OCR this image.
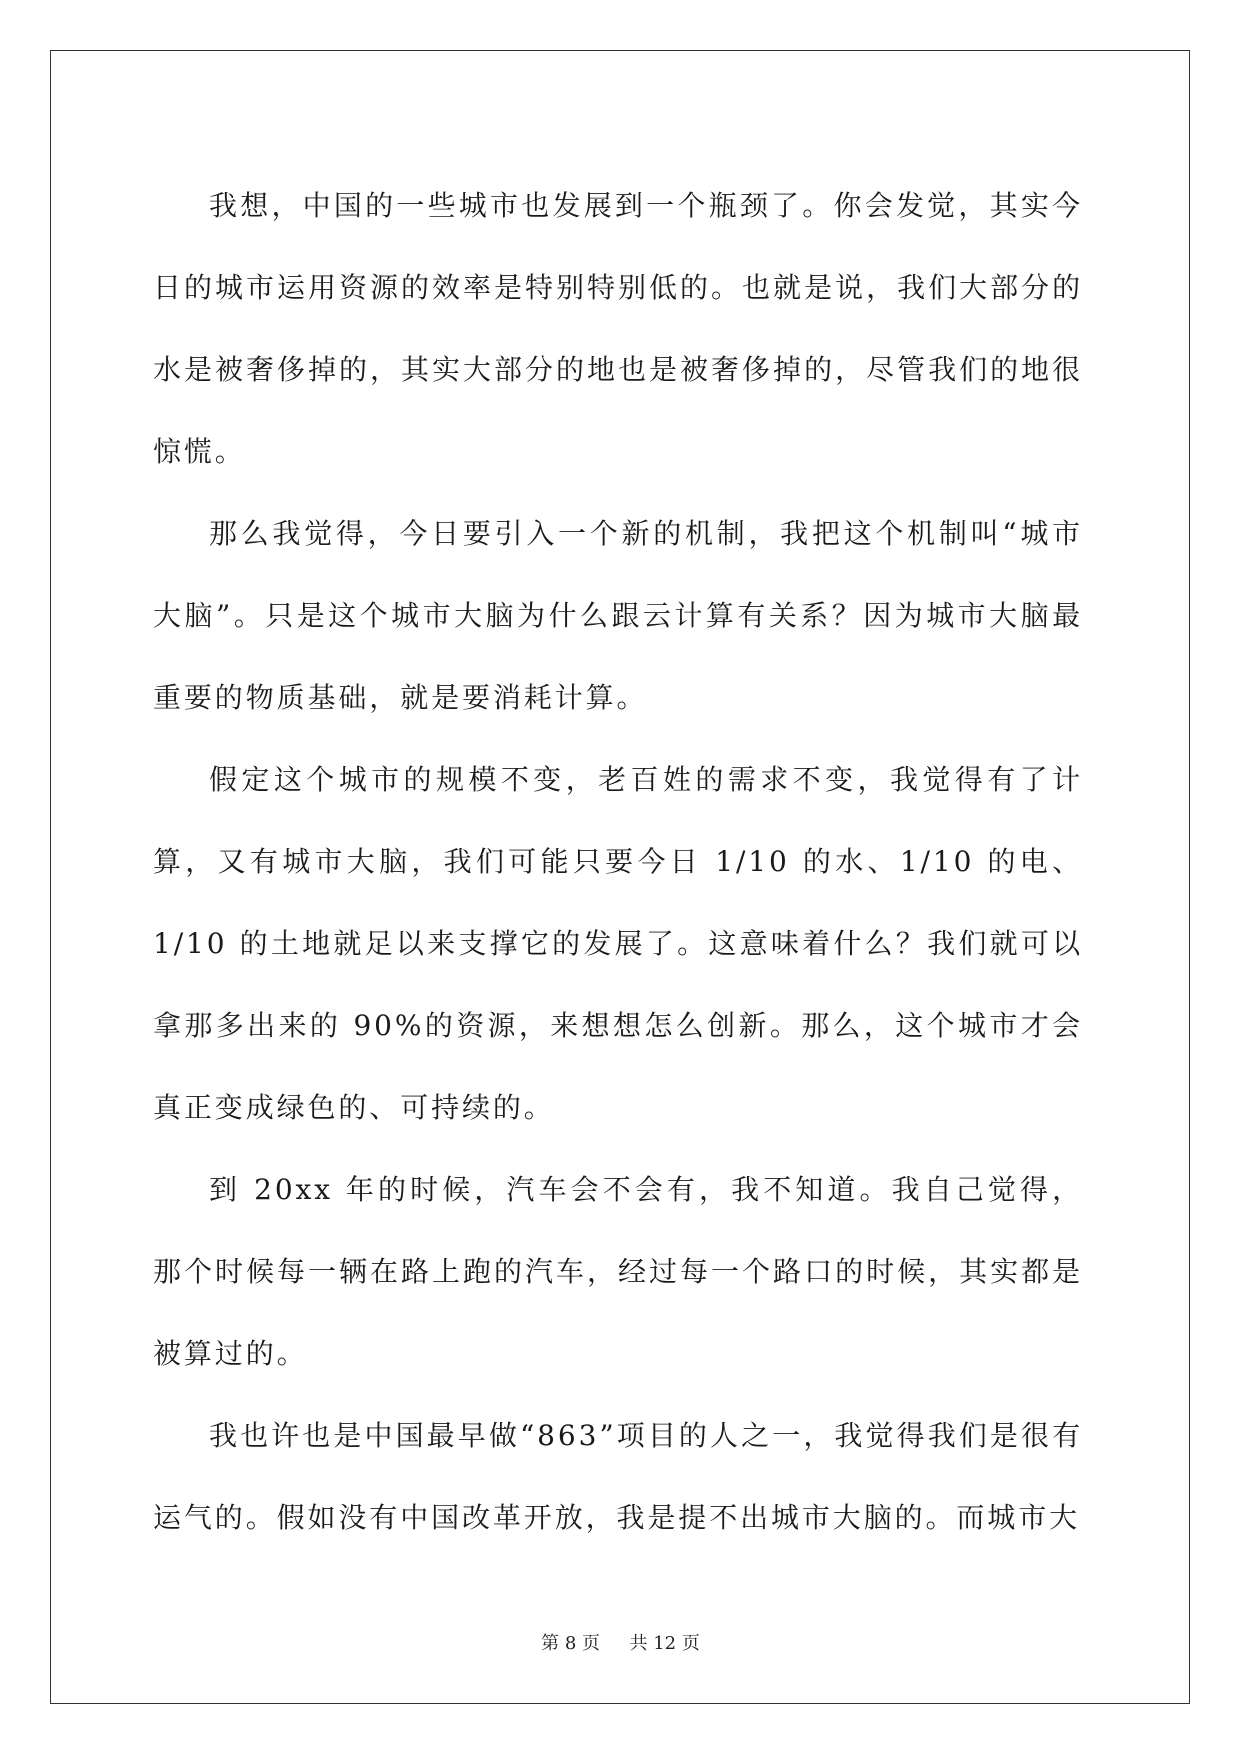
我想，中国的一些城市也发展到一个瓶颈了。你会发觉，其实今日的城市运用资源的效率是特别特别低的。也就是说，我们大部分的水是被奢侈掉的，其实大部分的地也是被奢侈掉的，尽管我们的地很惊慌。

那么我觉得，今日要引入一个新的机制，我把这个机制叫“城市大脑”。只是这个城市大脑为什么跟云计算有关系？因为城市大脑最重要的物质基础，就是要消耗计算。

假定这个城市的规模不变，老百姓的需求不变，我觉得有了计算，又有城市大脑，我们可能只要今日 1/10 的水、1/10 的电、1/10 的土地就足以来支撑它的发展了。这意味着什么？我们就可以拿那多出来的 90%的资源，来想想怎么创新。那么，这个城市才会真正变成绿色的、可持续的。

到 20xx 年的时候，汽车会不会有，我不知道。我自己觉得，那个时候每一辆在路上跑的汽车，经过每一个路口的时候，其实都是被算过的。

我也许也是中国最早做“863”项目的人之一，我觉得我们是很有运气的。假如没有中国改革开放，我是提不出城市大脑的。而城市大

第 8 页 共 12 页
